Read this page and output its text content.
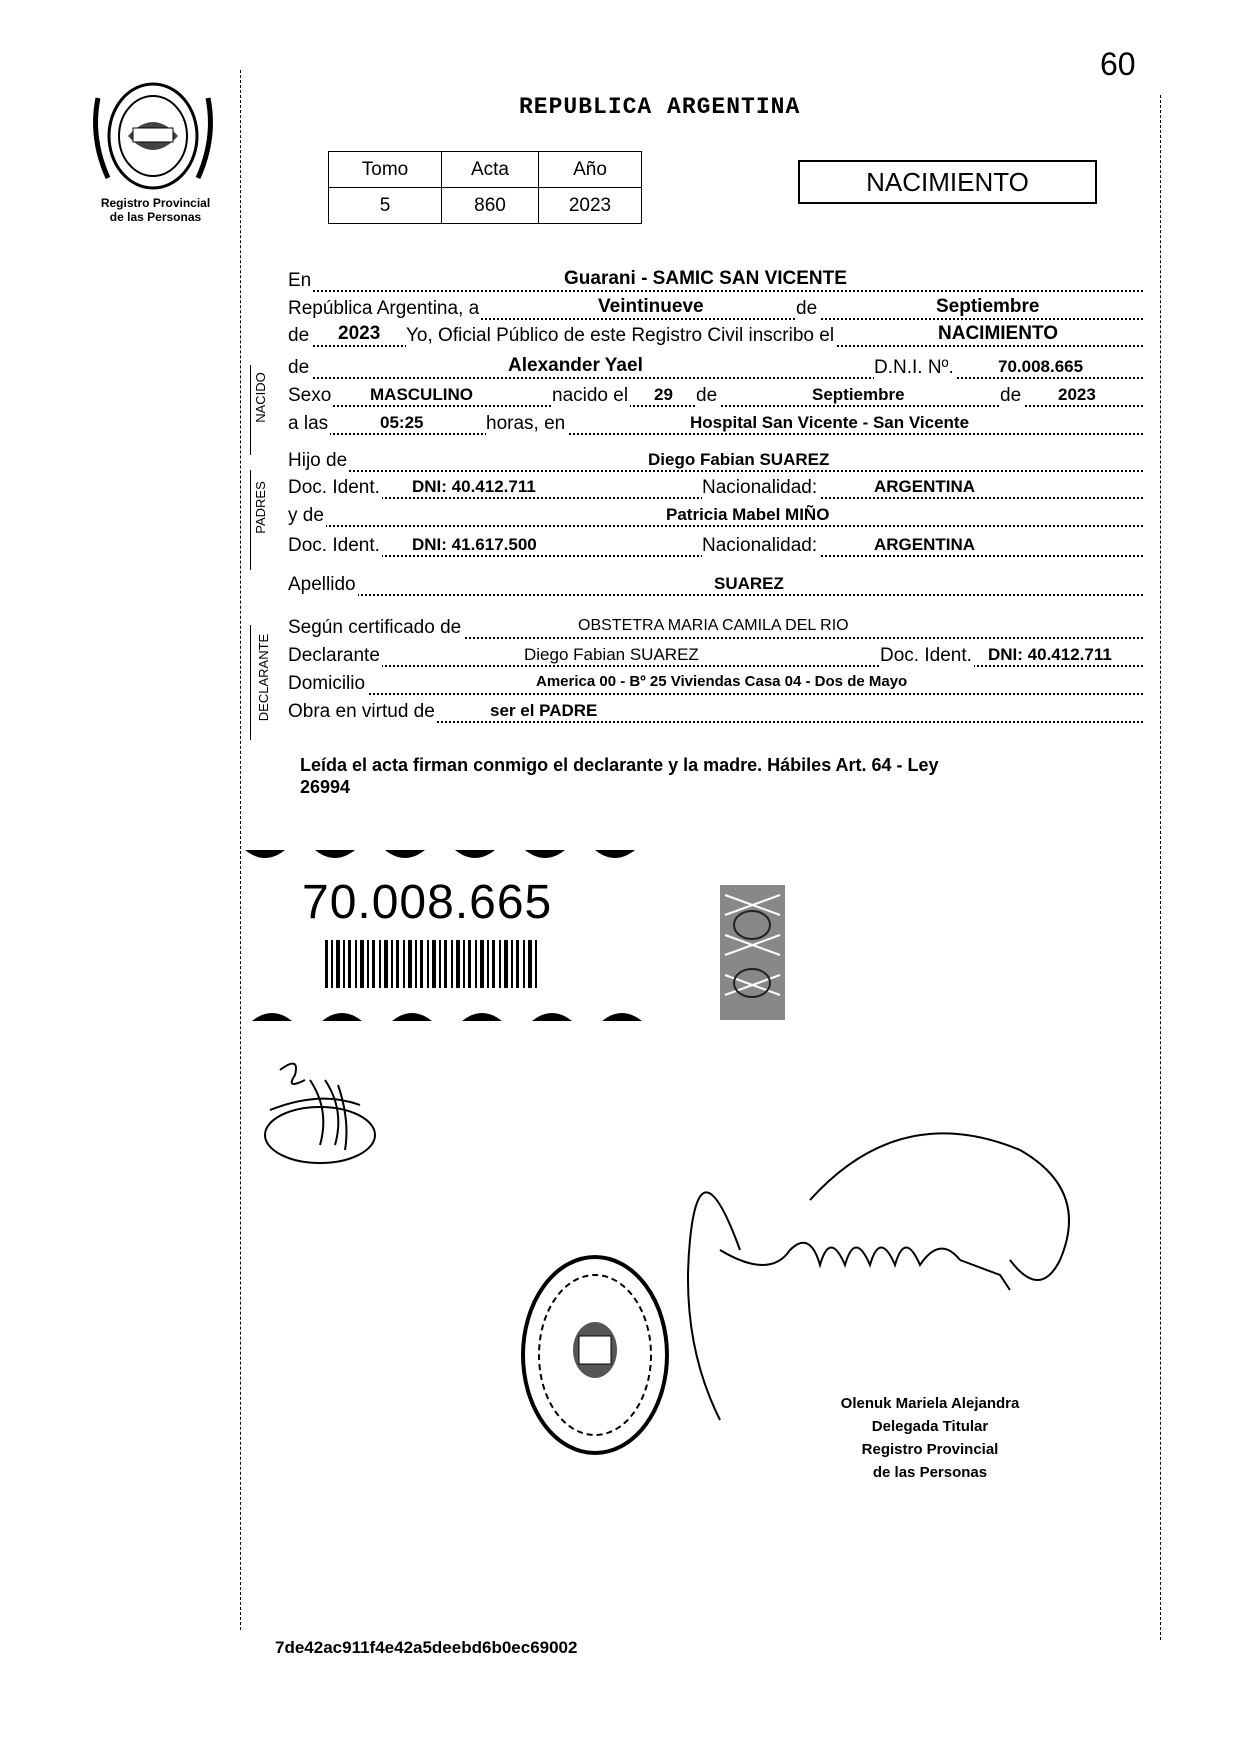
60
REPUBLICA ARGENTINA
Registro Provincial
de las Personas
Tomo	Acta	Año
5	860	2023
NACIMIENTO
NACIDO
PADRES
DECLARANTE
En	Guarani - SAMIC SAN VICENTE
República Argentina, a	Veintinueve	de	Septiembre
de 2023 Yo, Oficial Público de este Registro Civil inscribo el	NACIMIENTO
de	Alexander Yael	D.N.I. Nº.	70.008.665
Sexo MASCULINO	nacido el 29 de	Septiembre	de 2023
a las	05:25	horas, en	Hospital San Vicente - San Vicente
Hijo de	Diego Fabian SUAREZ
Doc. Ident. DNI: 40.412.711	Nacionalidad:	ARGENTINA
y de	Patricia Mabel MIÑO
Doc. Ident. DNI: 41.617.500	Nacionalidad:	ARGENTINA
Apellido	SUAREZ
Según certificado de	OBSTETRA MARIA CAMILA DEL RIO
Declarante	Diego Fabian SUAREZ	Doc. Ident. DNI: 40.412.711
Domicilio	America 00 - Bº 25 Viviendas Casa 04 - Dos de Mayo
Obra en virtud de	ser el PADRE
Leída el acta firman conmigo el declarante y la madre. Hábiles Art. 64 - Ley
26994
70.008.665
Olenuk Mariela Alejandra
Delegada Titular
Registro Provincial
de las Personas
7de42ac911f4e42a5deebd6b0ec69002
